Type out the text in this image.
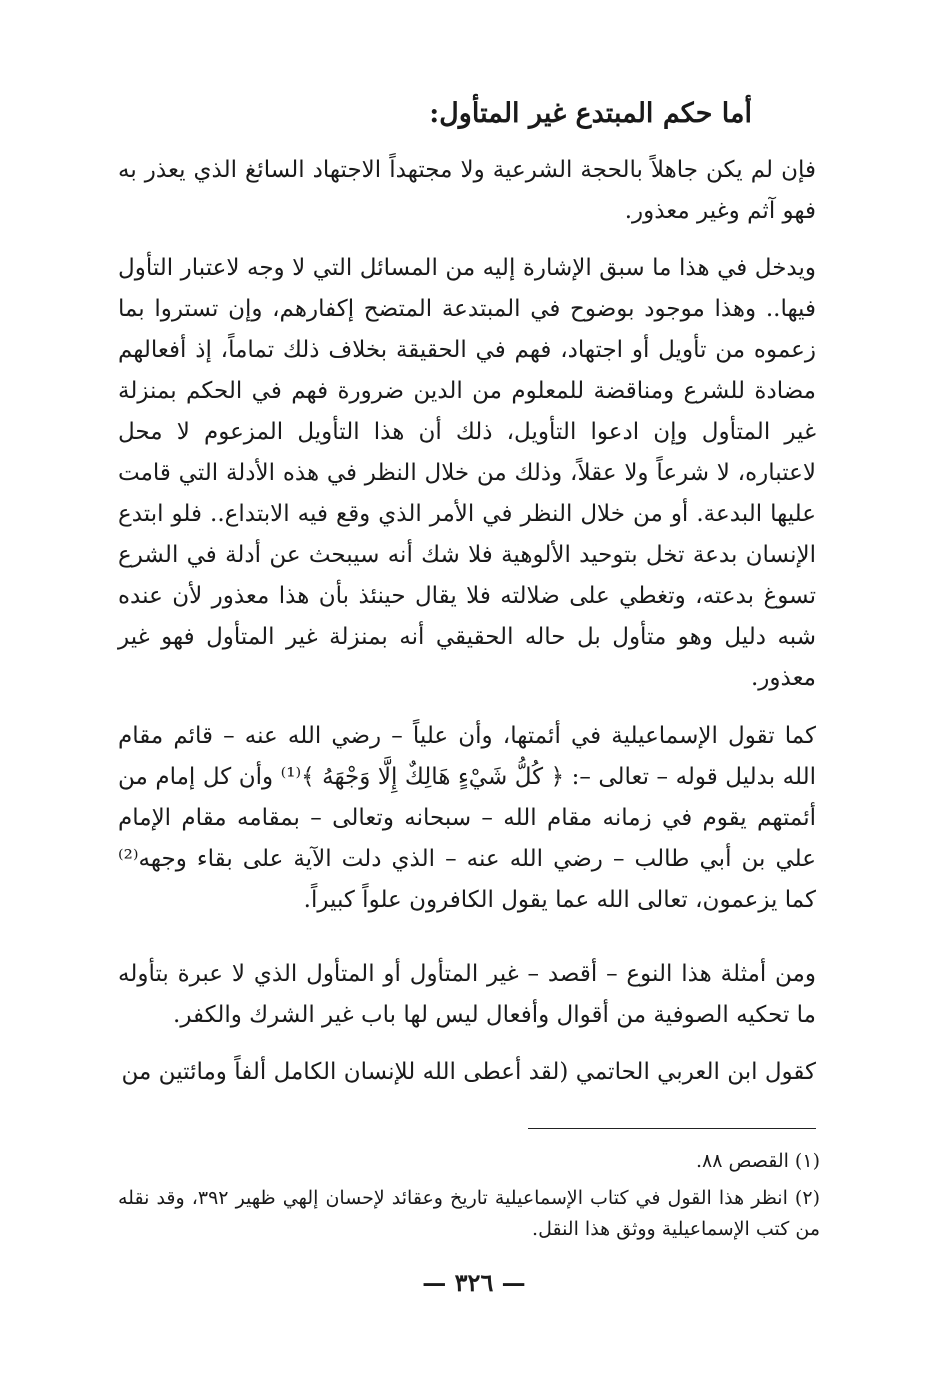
أما حكم المبتدع غير المتأول:

فإن لم يكن جاهلاً بالحجة الشرعية ولا مجتهداً الاجتهاد السائغ الذي يعذر به فهو آثم وغير معذور.

ويدخل في هذا ما سبق الإشارة إليه من المسائل التي لا وجه لاعتبار التأول فيها.. وهذا موجود بوضوح في المبتدعة المتضح إكفارهم، وإن تستروا بما زعموه من تأويل أو اجتهاد، فهم في الحقيقة بخلاف ذلك تماماً، إذ أفعالهم مضادة للشرع ومناقضة للمعلوم من الدين ضرورة فهم في الحكم بمنزلة غير المتأول وإن ادعوا التأويل، ذلك أن هذا التأويل المزعوم لا محل لاعتباره، لا شرعاً ولا عقلاً، وذلك من خلال النظر في هذه الأدلة التي قامت عليها البدعة. أو من خلال النظر في الأمر الذي وقع فيه الابتداع.. فلو ابتدع الإنسان بدعة تخل بتوحيد الألوهية فلا شك أنه سيبحث عن أدلة في الشرع تسوغ بدعته، وتغطي على ضلالته فلا يقال حينئذ بأن هذا معذور لأن عنده شبه دليل وهو متأول بل حاله الحقيقي أنه بمنزلة غير المتأول فهو غير معذور.

كما تقول الإسماعيلية في أئمتها، وأن علياً – رضي الله عنه – قائم مقام الله بدليل قوله – تعالى –: ﴿ كُلُّ شَيْءٍ هَالِكٌ إِلَّا وَجْهَهُ ﴾⁽¹⁾ وأن كل إمام من أئمتهم يقوم في زمانه مقام الله – سبحانه وتعالى – بمقامه مقام الإمام علي بن أبي طالب – رضي الله عنه – الذي دلت الآية على بقاء وجهه⁽²⁾ كما يزعمون، تعالى الله عما يقول الكافرون علواً كبيراً.

ومن أمثلة هذا النوع – أقصد – غير المتأول أو المتأول الذي لا عبرة بتأوله ما تحكيه الصوفية من أقوال وأفعال ليس لها باب غير الشرك والكفر.

كقول ابن العربي الحاتمي (لقد أعطى الله للإنسان الكامل ألفاً ومائتين من

(١) القصص ٨٨.

(٢) انظر هذا القول في كتاب الإسماعيلية تاريخ وعقائد لإحسان إلهي ظهير ٣٩٢، وقد نقله من كتب الإسماعيلية ووثق هذا النقل.

— ٣٢٦ —
